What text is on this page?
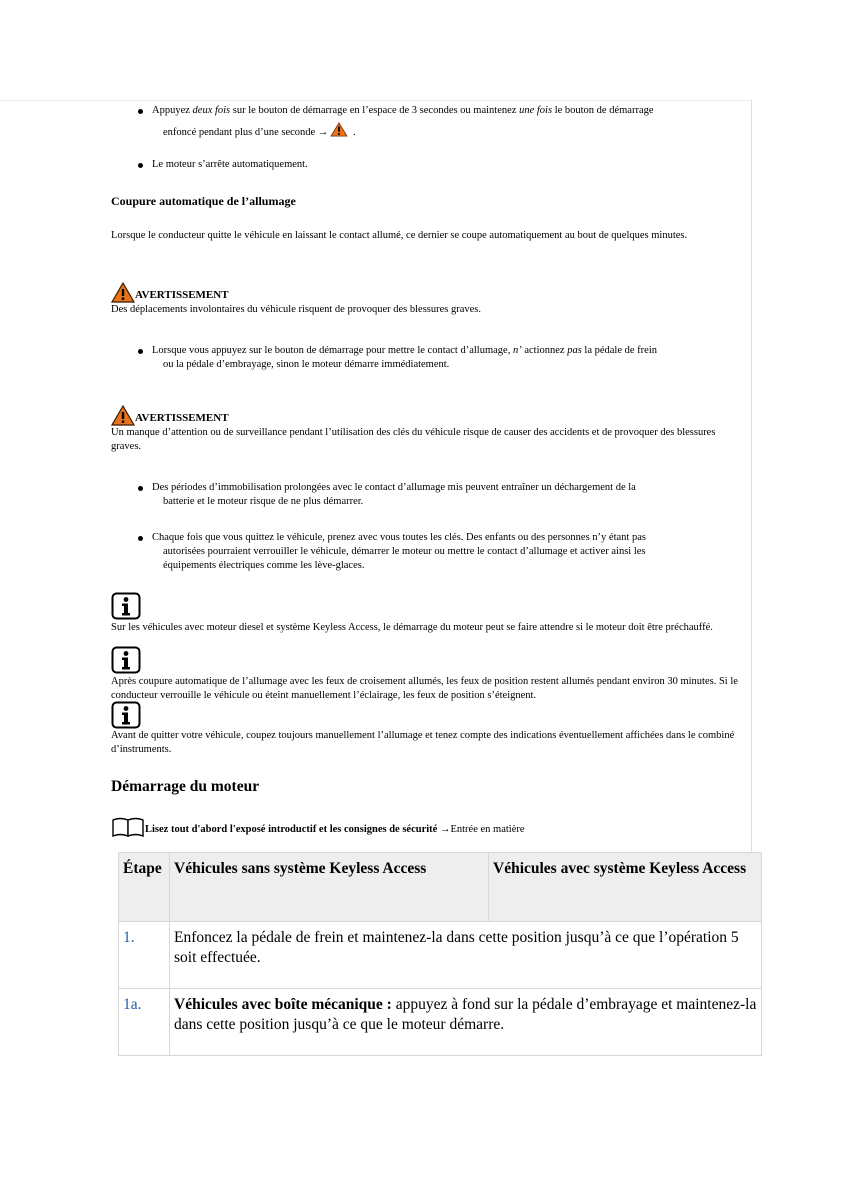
Appuyez deux fois sur le bouton de démarrage en l’espace de 3 secondes ou maintenez une fois le bouton de démarrage
enfoncé pendant plus d’une seconde → .
Le moteur s’arrête automatiquement.
Coupure automatique de l’allumage
Lorsque le conducteur quitte le véhicule en laissant le contact allumé, ce dernier se coupe automatiquement au bout de quelques minutes.
AVERTISSEMENT
Des déplacements involontaires du véhicule risquent de provoquer des blessures graves.
Lorsque vous appuyez sur le bouton de démarrage pour mettre le contact d’allumage, n’ actionnez pas la pédale de frein
ou la pédale d’embrayage, sinon le moteur démarre immédiatement.
AVERTISSEMENT
Un manque d’attention ou de surveillance pendant l’utilisation des clés du véhicule risque de causer des accidents et de provoquer des blessures graves.
Des périodes d’immobilisation prolongées avec le contact d’allumage mis peuvent entraîner un déchargement de la
batterie et le moteur risque de ne plus démarrer.
Chaque fois que vous quittez le véhicule, prenez avec vous toutes les clés. Des enfants ou des personnes n’y étant pas
autorisées pourraient verrouiller le véhicule, démarrer le moteur ou mettre le contact d’allumage et activer ainsi les
équipements électriques comme les lève-glaces.
Sur les véhicules avec moteur diesel et système Keyless Access, le démarrage du moteur peut se faire attendre si le moteur doit être préchauffé.
Après coupure automatique de l’allumage avec les feux de croisement allumés, les feux de position restent allumés pendant environ 30 minutes. Si le conducteur verrouille le véhicule ou éteint manuellement l’éclairage, les feux de position s’éteignent.
Avant de quitter votre véhicule, coupez toujours manuellement l’allumage et tenez compte des indications éventuellement affichées dans le combiné d’instruments.
Démarrage du moteur
Lisez tout d'abord l'exposé introductif et les consignes de sécurité →Entrée en matière
Étape	Véhicules sans système Keyless Access	Véhicules avec système Keyless Access
1.	Enfoncez la pédale de frein et maintenez-la dans cette position jusqu’à ce que l’opération 5 soit effectuée.	
1a.	Véhicules avec boîte mécanique : appuyez à fond sur la pédale d’embrayage et maintenez-la dans cette position jusqu’à ce que le moteur démarre.	
